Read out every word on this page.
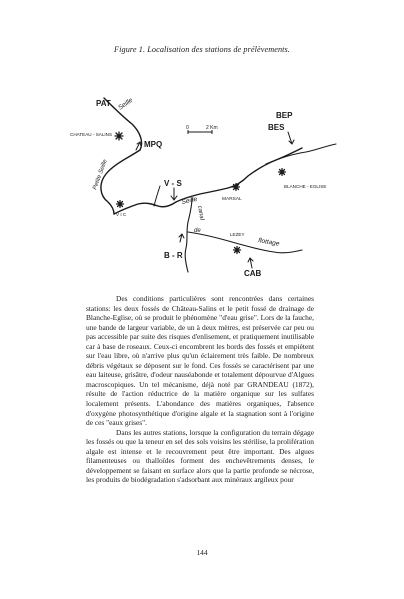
Figure 1. Localisation des stations de prélèvements.
PAT Seille
CHATEAU - SALINS
MPQ
Petite Seille
0	2 Km
BEP
BES
V - S
V I C
Seille	MARSAL
BLANCHE - EGLISE
canal
de
LEZEY
flottage
B - R
CAB

Des conditions particulières sont rencontrées dans certaines stations: les deux fossés de Château-Salins et le petit fossé de drainage de Blanche-Eglise, où se produit le phénomène "d'eau grise". Lors de la fauche, une bande de largeur variable, de un à deux mètres, est préservée car peu ou pas accessible par suite des risques d'enlisement, et pratiquement inutilisable car à base de roseaux. Ceux-ci encombrent les bords des fossés et empiètent sur l'eau libre, où n'arrive plus qu'un éclairement très faible. De nombreux débris végétaux se déposent sur le fond. Ces fossés se caractérisent par une eau laiteuse, grisâtre, d'odeur nauséabonde et totalement dépourvue d'Algues macroscopiques. Un tel mécanisme, déjà noté par GRANDEAU (1872), résulte de l'action réductrice de la matière organique sur les sulfates localement présents. L'abondance des matières organiques, l'absence d'oxygène photosynthétique d'origine algale et la stagnation sont à l'origine de ces "eaux grises".

Dans les autres stations, lorsque la configuration du terrain dégage les fossés ou que la teneur en sel des sols voisins les stérilise, la prolifération algale est intense et le recouvrement peut être important. Des algues filamenteuses ou thalloïdes forment des enchevêtrements denses, le développement se faisant en surface alors que la partie profonde se nécrose, les produits de biodégradation s'adsorbant aux minéraux argileux pour

144
